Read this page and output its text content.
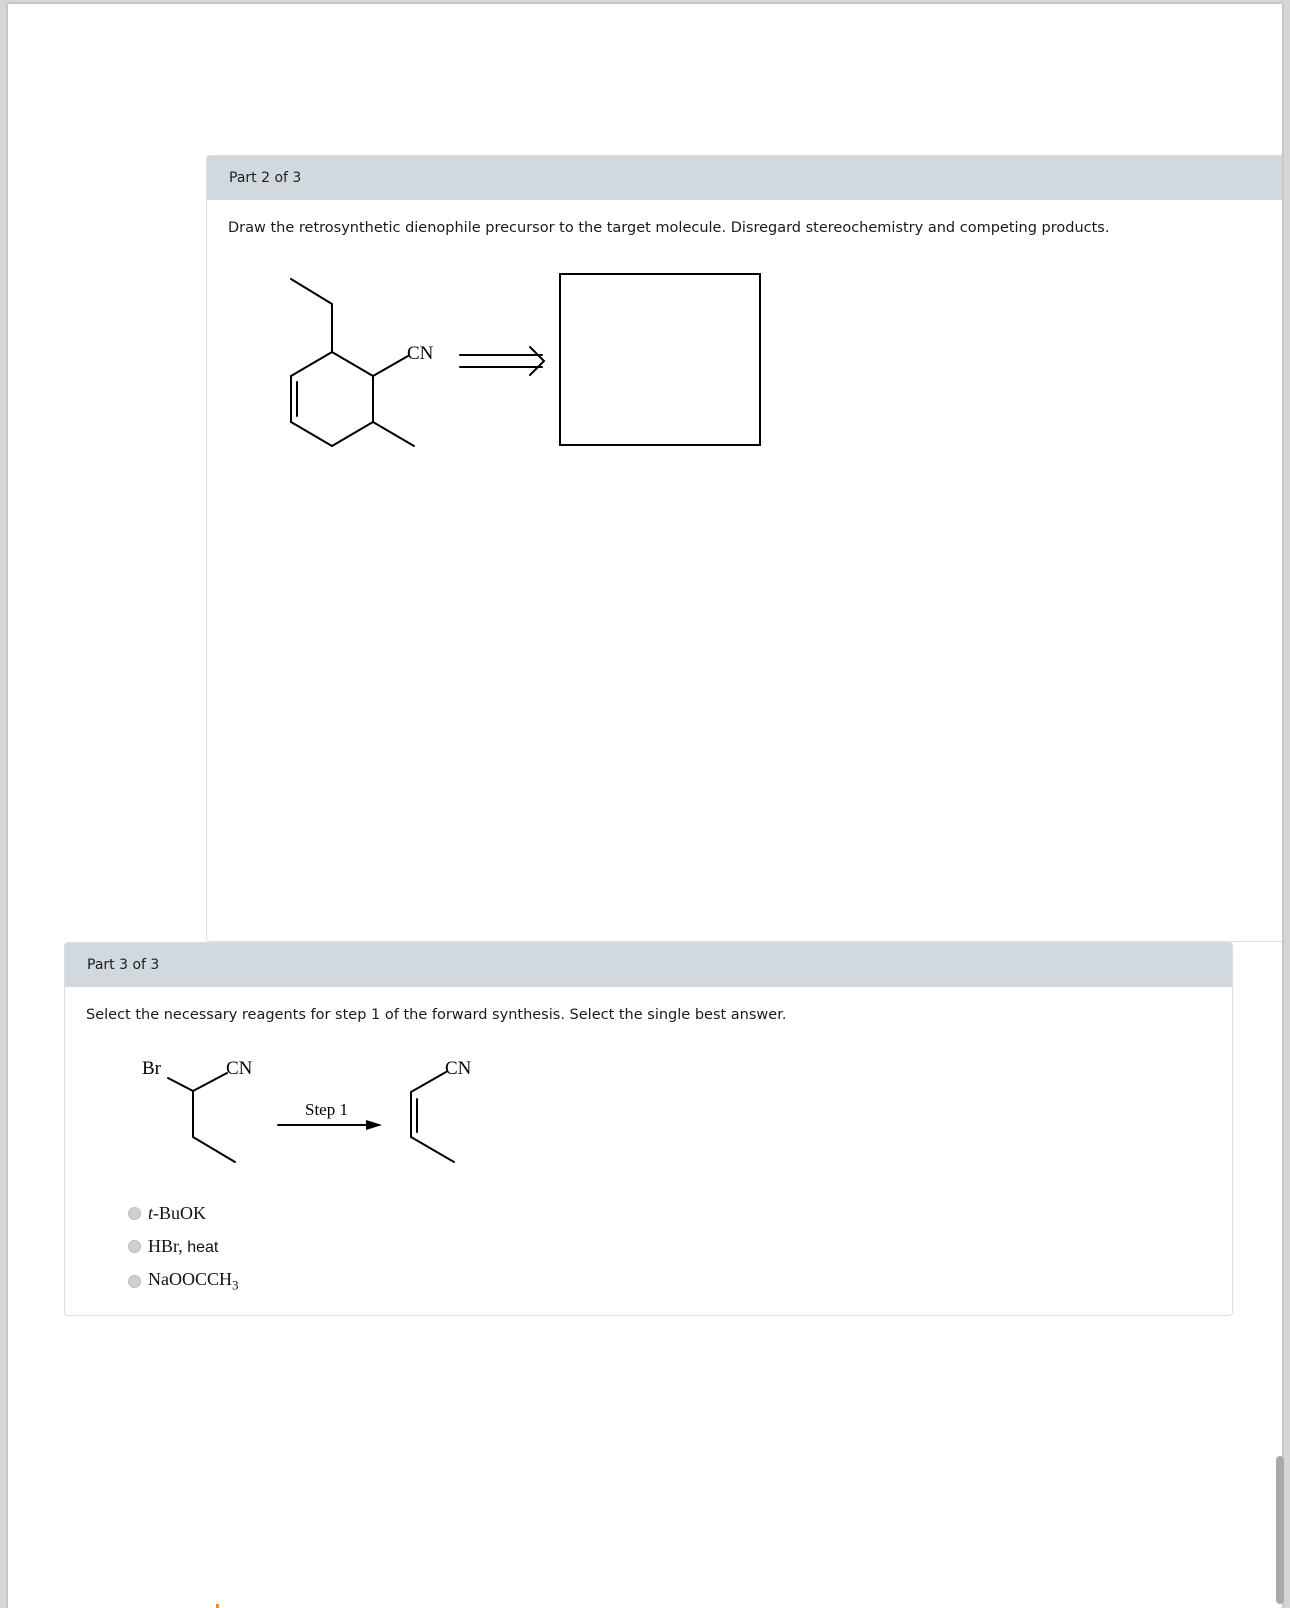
Part 2 of 3
Draw the retrosynthetic dienophile precursor to the target molecule. Disregard stereochemistry and competing products.
CN
Part 3 of 3
Select the necessary reagents for step 1 of the forward synthesis. Select the single best answer.
Br	CN
Step 1
CN
t-BuOK
HBr, heat
NaOOCCH$_3$
